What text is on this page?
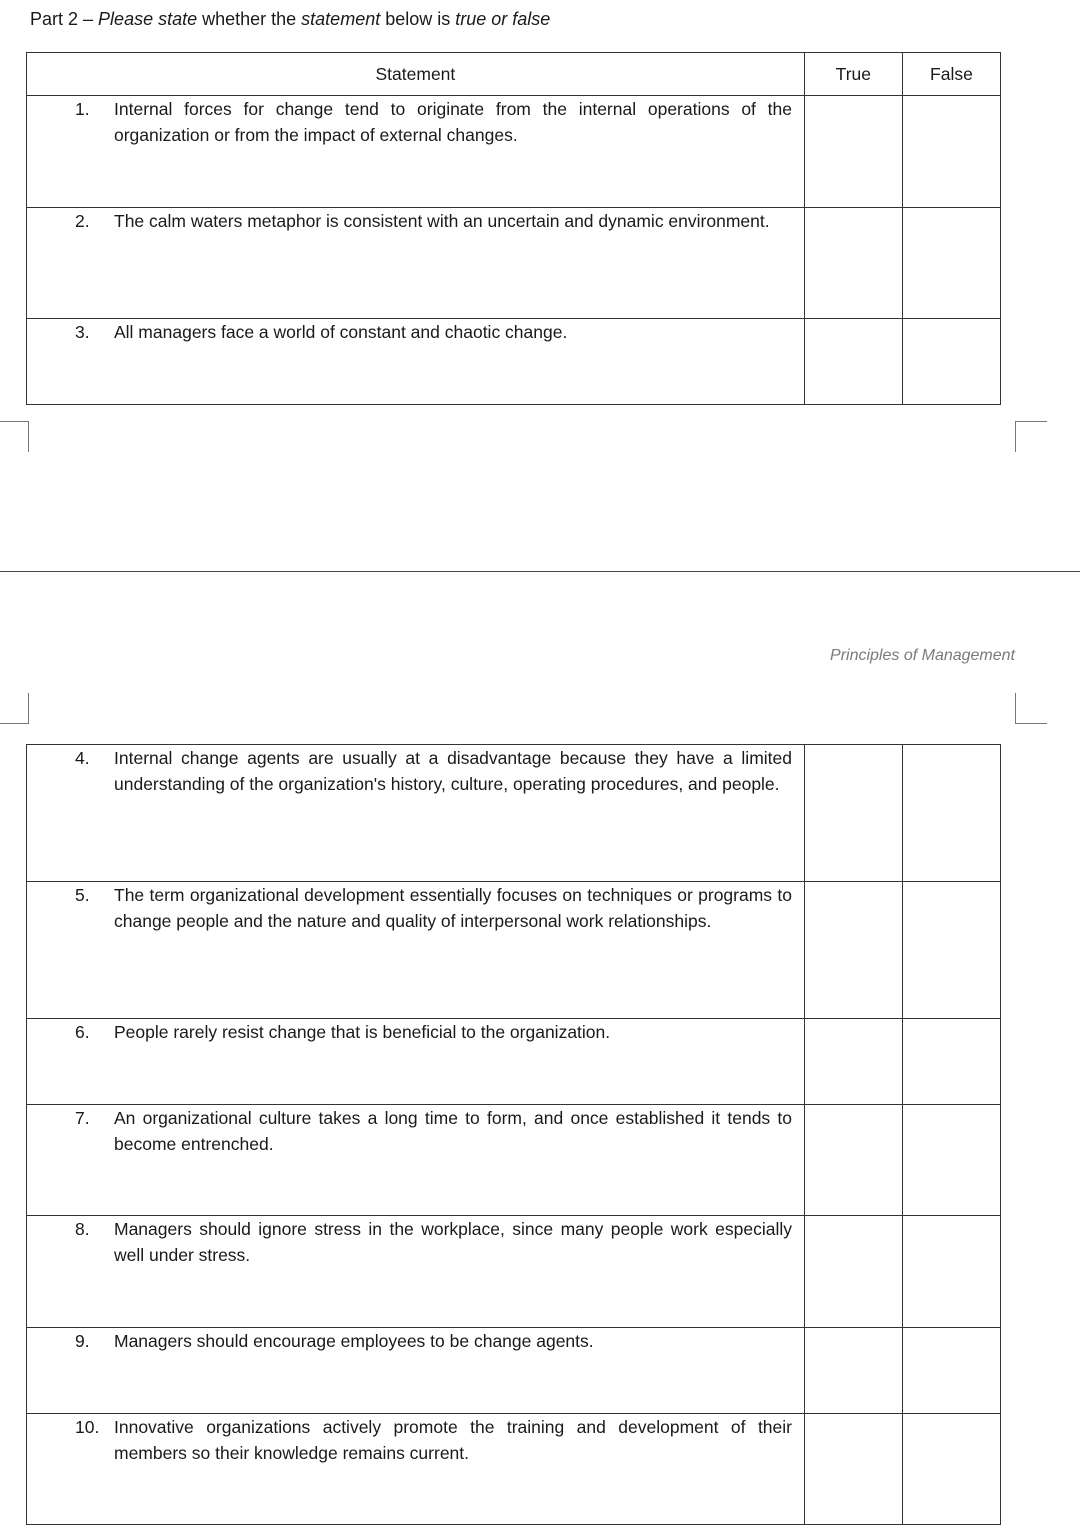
Part 2 – Please state whether the statement below is true or false
Statement	True	False

1. Internal forces for change tend to originate from the internal operations of the organization or from the impact of external changes.		

2. The calm waters metaphor is consistent with an uncertain and dynamic environment.		

3. All managers face a world of constant and chaotic change.		

Principles of Management
4. Internal change agents are usually at a disadvantage because they have a limited understanding of the organization's history, culture, operating procedures, and people.		

5. The term organizational development essentially focuses on techniques or programs to change people and the nature and quality of interpersonal work relationships.		

6. People rarely resist change that is beneficial to the organization.		

7. An organizational culture takes a long time to form, and once established it tends to become entrenched.		

8. Managers should ignore stress in the workplace, since many people work especially well under stress.		

9. Managers should encourage employees to be change agents.		

10. Innovative organizations actively promote the training and development of their members so their knowledge remains current.		
